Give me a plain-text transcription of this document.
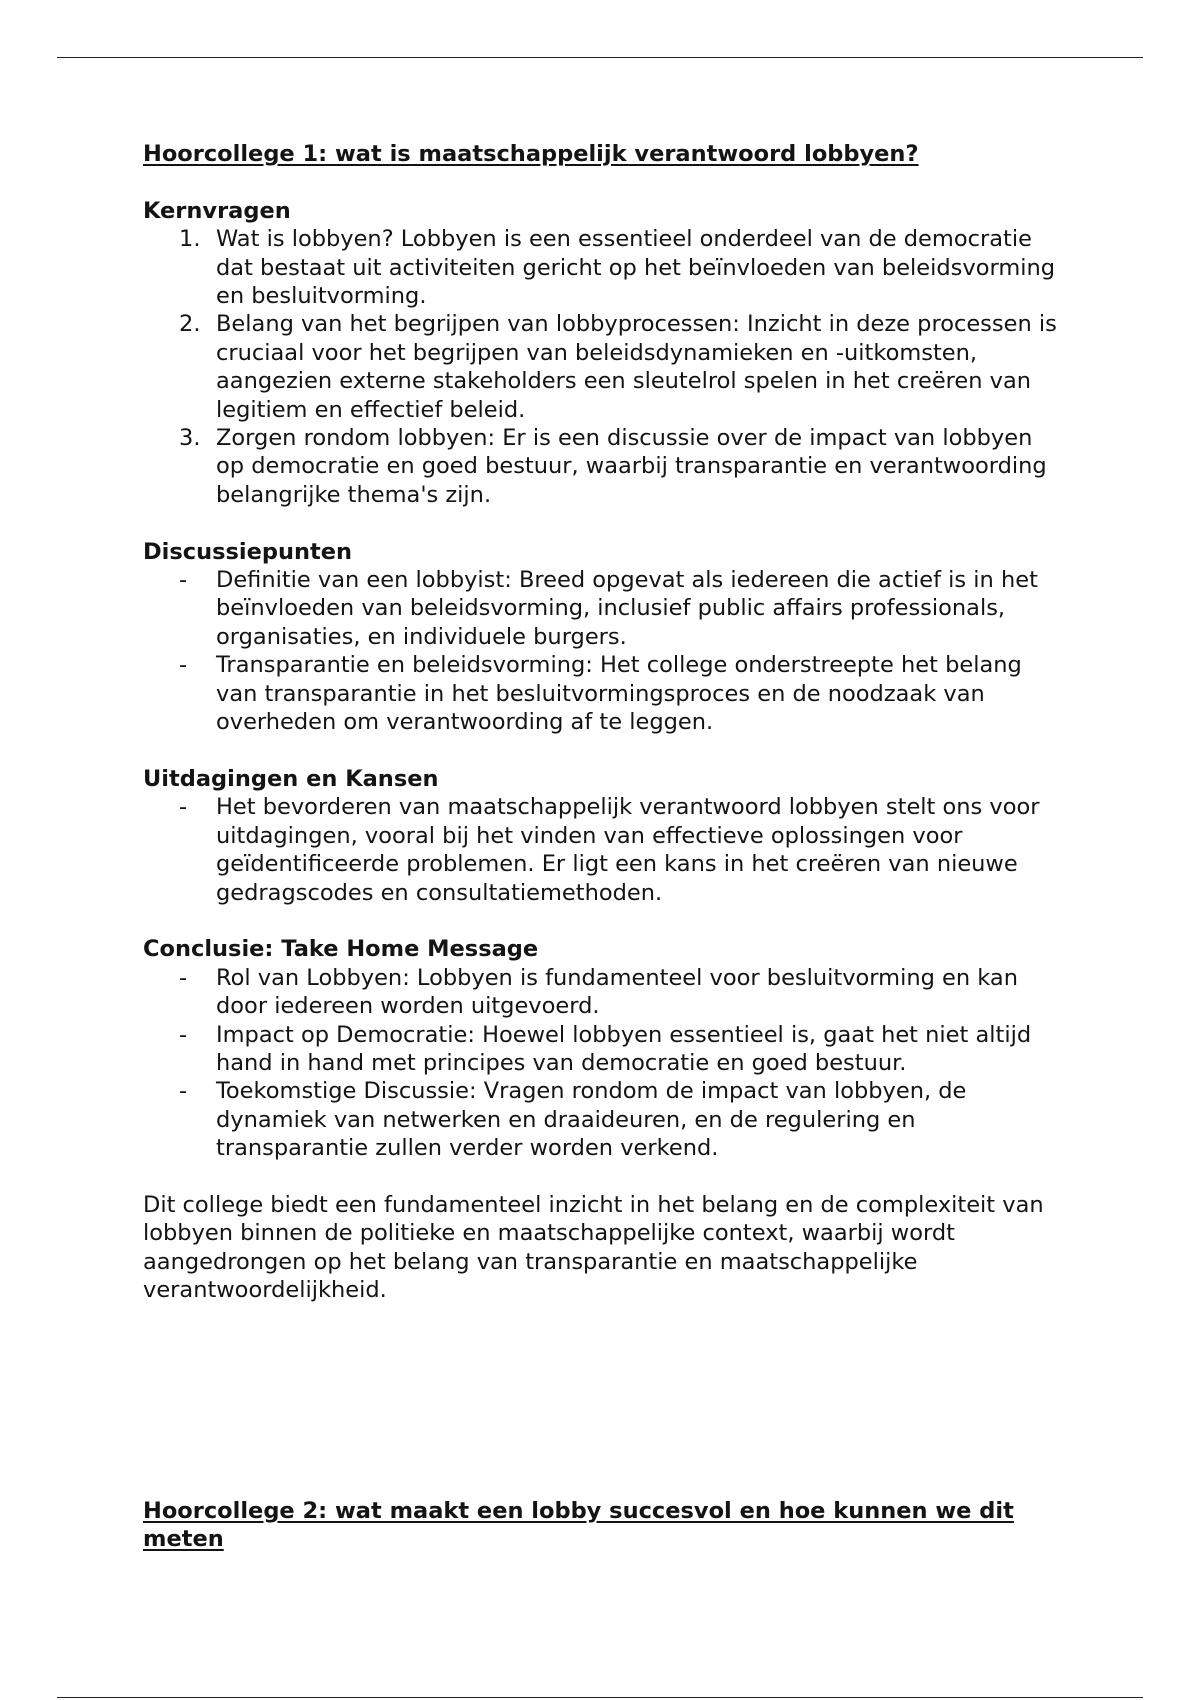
Hoorcollege 1: wat is maatschappelijk verantwoord lobbyen?

Kernvragen

1. Wat is lobbyen? Lobbyen is een essentieel onderdeel van de democratie dat bestaat uit activiteiten gericht op het beïnvloeden van beleidsvorming en besluitvorming.
2. Belang van het begrijpen van lobbyprocessen: Inzicht in deze processen is cruciaal voor het begrijpen van beleidsdynamieken en -uitkomsten, aangezien externe stakeholders een sleutelrol spelen in het creëren van legitiem en effectief beleid.
3. Zorgen rondom lobbyen: Er is een discussie over de impact van lobbyen op democratie en goed bestuur, waarbij transparantie en verantwoording belangrijke thema's zijn.

Discussiepunten

- Definitie van een lobbyist: Breed opgevat als iedereen die actief is in het beïnvloeden van beleidsvorming, inclusief public affairs professionals, organisaties, en individuele burgers.
- Transparantie en beleidsvorming: Het college onderstreepte het belang van transparantie in het besluitvormingsproces en de noodzaak van overheden om verantwoording af te leggen.

Uitdagingen en Kansen

- Het bevorderen van maatschappelijk verantwoord lobbyen stelt ons voor uitdagingen, vooral bij het vinden van effectieve oplossingen voor geïdentificeerde problemen. Er ligt een kans in het creëren van nieuwe gedragscodes en consultatiemethoden.

Conclusie: Take Home Message

- Rol van Lobbyen: Lobbyen is fundamenteel voor besluitvorming en kan door iedereen worden uitgevoerd.
- Impact op Democratie: Hoewel lobbyen essentieel is, gaat het niet altijd hand in hand met principes van democratie en goed bestuur.
- Toekomstige Discussie: Vragen rondom de impact van lobbyen, de dynamiek van netwerken en draaideuren, en de regulering en transparantie zullen verder worden verkend.

Dit college biedt een fundamenteel inzicht in het belang en de complexiteit van lobbyen binnen de politieke en maatschappelijke context, waarbij wordt aangedrongen op het belang van transparantie en maatschappelijke verantwoordelijkheid.

Hoorcollege 2: wat maakt een lobby succesvol en hoe kunnen we dit meten
